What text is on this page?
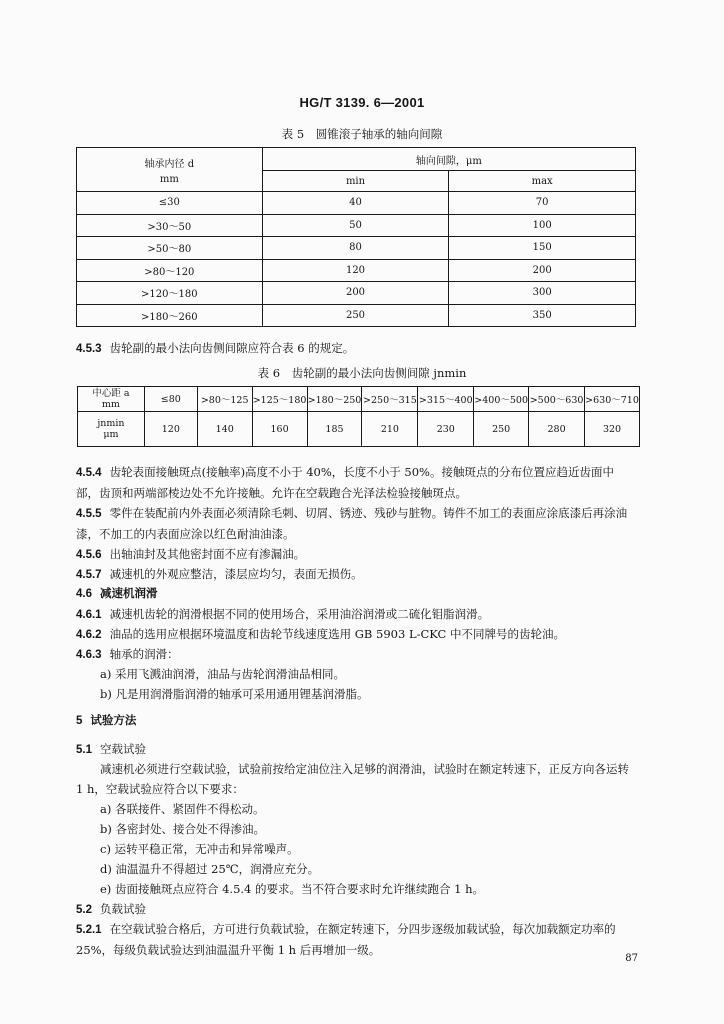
HG/T 3139. 6—2001
表 5 圆锥滚子轴承的轴向间隙
轴承内径 d
mm	轴向间隙，μm	
	min	max
≤30	40	70
>30～50	50	100
>50～80	80	150
>80～120	120	200
>120～180	200	300
>180～260	250	350
4.5.3 齿轮副的最小法向齿侧间隙应符合表 6 的规定。
表 6 齿轮副的最小法向齿侧间隙 jnmin
中心距 a
mm	≤80	>80～125	>125～180	>180～250	>250～315	>315～400	>400～500	>500～630	>630～710

jnmin
μm	120	140	160	185	210	230	250	280	320
4.5.4 齿轮表面接触斑点(接触率)高度不小于 40%，长度不小于 50%。接触斑点的分布位置应趋近齿面中部，齿顶和两端部棱边处不允许接触。允许在空载跑合光泽法检验接触斑点。
4.5.5 零件在装配前内外表面必须清除毛刺、切屑、锈迹、残砂与脏物。铸件不加工的表面应涂底漆后再涂油漆，不加工的内表面应涂以红色耐油油漆。
4.5.6 出轴油封及其他密封面不应有渗漏油。
4.5.7 减速机的外观应整洁，漆层应均匀，表面无损伤。
4.6 减速机润滑
4.6.1 减速机齿轮的润滑根据不同的使用场合，采用油浴润滑或二硫化钼脂润滑。
4.6.2 油品的选用应根据环境温度和齿轮节线速度选用 GB 5903 L-CKC 中不同牌号的齿轮油。
4.6.3 轴承的润滑：
a) 采用飞溅油润滑，油品与齿轮润滑油品相同。
b) 凡是用润滑脂润滑的轴承可采用通用锂基润滑脂。
5 试验方法
5.1 空载试验
减速机必须进行空载试验，试验前按给定油位注入足够的润滑油，试验时在额定转速下，正反方向各运转 1 h，空载试验应符合以下要求：
a) 各联接件、紧固件不得松动。
b) 各密封处、接合处不得渗油。
c) 运转平稳正常，无冲击和异常噪声。
d) 油温温升不得超过 25℃，润滑应充分。
e) 齿面接触斑点应符合 4.5.4 的要求。当不符合要求时允许继续跑合 1 h。
5.2 负载试验
5.2.1 在空载试验合格后，方可进行负载试验，在额定转速下，分四步逐级加载试验，每次加载额定功率的 25%，每级负载试验达到油温温升平衡 1 h 后再增加一级。
87
